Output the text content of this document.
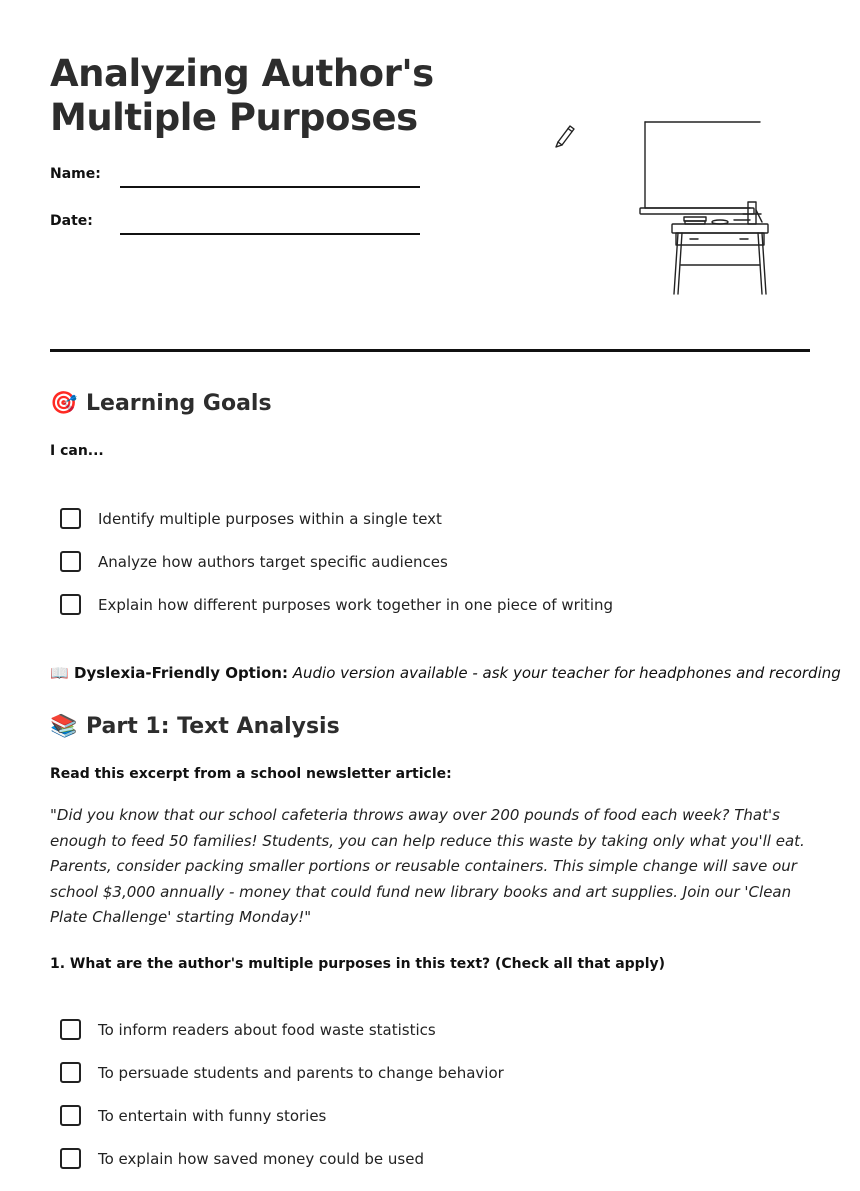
Analyzing Author's Multiple Purposes
Name:
Date:
🎯 Learning Goals
I can...
Identify multiple purposes within a single text
Analyze how authors target specific audiences
Explain how different purposes work together in one piece of writing
📖 Dyslexia-Friendly Option: Audio version available - ask your teacher for headphones and recording
📚 Part 1: Text Analysis
Read this excerpt from a school newsletter article:

"Did you know that our school cafeteria throws away over 200 pounds of food each week? That's enough to feed 50 families! Students, you can help reduce this waste by taking only what you'll eat. Parents, consider packing smaller portions or reusable containers. This simple change will save our school $3,000 annually - money that could fund new library books and art supplies. Join our 'Clean Plate Challenge' starting Monday!"

1. What are the author's multiple purposes in this text? (Check all that apply)
To inform readers about food waste statistics
To persuade students and parents to change behavior
To entertain with funny stories
To explain how saved money could be used
